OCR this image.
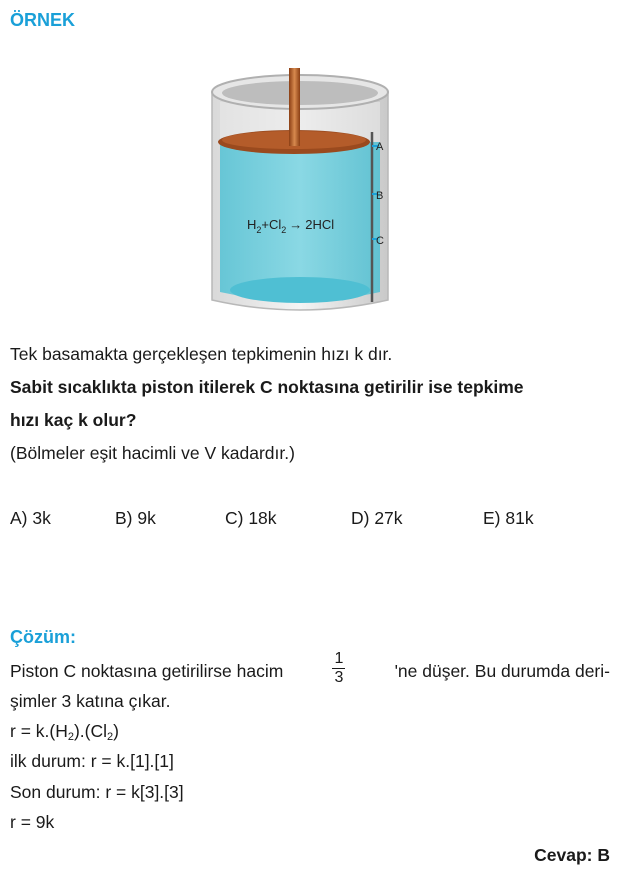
ÖRNEK
A
B
C
$H_2+Cl_2 \to 2HCl$
Tek basamakta gerçekleşen tepkimenin hızı k dır.
Sabit sıcaklıkta piston itilerek C noktasına getirilir ise tepkime
hızı kaç k olur?
(Bölmeler eşit hacimli ve V kadardır.)
A) 3k	B) 9k	C) 18k	D) 27k	E) 81k
Çözüm:
Piston C noktasına getirilirse hacim	$\frac{1}{3}$	'ne düşer. Bu durumda deri-
şimler 3 katına çıkar.
$r = k.(H_2).(Cl_2)$
ilk durum: r = k.[1].[1]
Son durum: r = k[3].[3]
r = 9k
Cevap: B
